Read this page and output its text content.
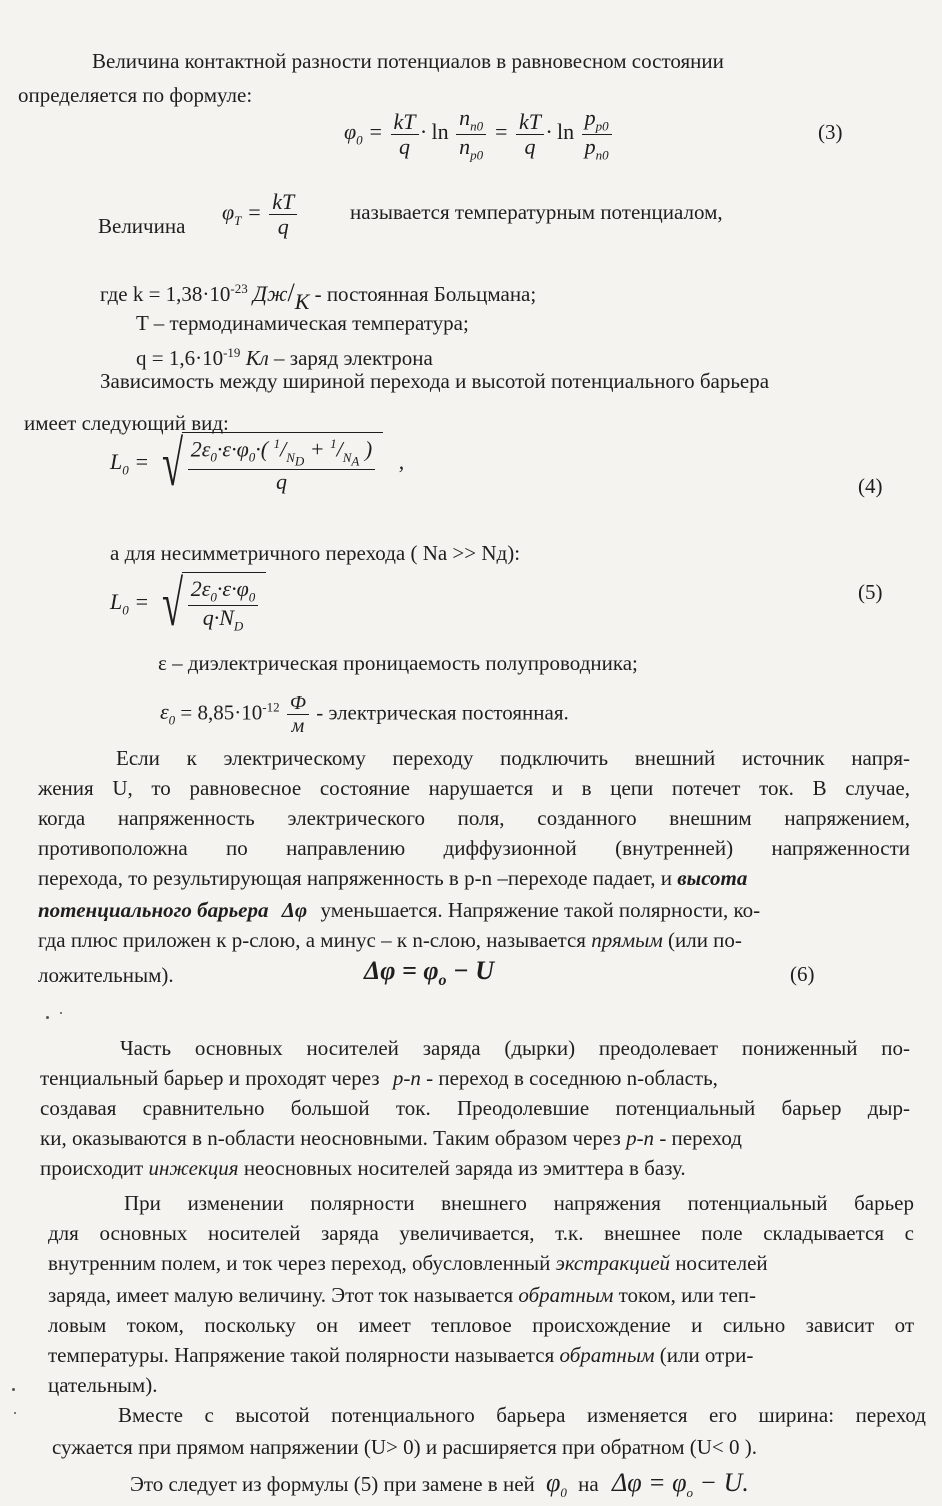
Величина контактной разности потенциалов в равновесном состоянии
определяется по формуле:
$\varphi_0 = \frac{kT}{q} \cdot \ln \frac{n_{n0}}{n_{p0}} = \frac{kT}{q} \cdot \ln \frac{p_{p0}}{p_{n0}}$	(3)
Величина
$\varphi_T = \frac{kT}{q}$	называется температурным потенциалом,
где $k = 1,38\cdot 10^{-23}$ Дж/К - постоянная Больцмана;
T – термодинамическая температура;
$q = 1,6\cdot 10^{-19}$ Кл – заряд электрона
Зависимость между шириной перехода и высотой потенциального барьера
имеет следующий вид:
$L_0$ = √ $\frac{2\varepsilon_0\cdot\varepsilon\cdot\varphi_0\cdot( ^1/_{N_D} + ^1/_{N_A} )}{q}$ ,
(4)
а для несимметричного перехода ( Nа >> Nд):
$L_0$ = √ $\frac{2\varepsilon_0\cdot\varepsilon\cdot\varphi_0}{q\cdot N_D}$	(5)
ε – диэлектрическая проницаемость полупроводника;
$\varepsilon_0 = 8,85\cdot 10^{-12} \frac{Ф}{м}$ - электрическая постоянная.
Если к электрическому переходу подключить внешний источник напря-
жения U, то равновесное состояние нарушается и в цепи потечет ток. В случае,
когда напряженность электрического поля, созданного внешним напряжением,
противоположна по направлению диффузионной (внутренней) напряженности
перехода, то результирующая напряженность в p-n –переходе падает, и высота
потенциального барьера Δφ уменьшается. Напряжение такой полярности, ко-
гда плюс приложен к p-слою, а минус – к n-слою, называется прямым (или по-
ложительным).	$\Delta\varphi = \varphi_o - U$	(6)
Часть основных носителей заряда (дырки) преодолевает пониженный по-
тенциальный барьер и проходят через p-n - переход в соседнюю n-область,
создавая сравнительно большой ток. Преодолевшие потенциальный барьер дыр-
ки, оказываются в n-области неосновными. Таким образом через p-n - переход
происходит инжекция неосновных носителей заряда из эмиттера в базу.
При изменении полярности внешнего напряжения потенциальный барьер
для основных носителей заряда увеличивается, т.к. внешнее поле складывается с
внутренним полем, и ток через переход, обусловленный экстракцией носителей
заряда, имеет малую величину. Этот ток называется обратным током, или теп-
ловым током, поскольку он имеет тепловое происхождение и сильно зависит от
температуры. Напряжение такой полярности называется обратным (или отри-
цательным).
Вместе с высотой потенциального барьера изменяется его ширина: переход
сужается при прямом напряжении (U> 0) и расширяется при обратном (U< 0 ).
Это следует из формулы (5) при замене в ней $\varphi_0$ на $\Delta\varphi = \varphi_o - U$.
